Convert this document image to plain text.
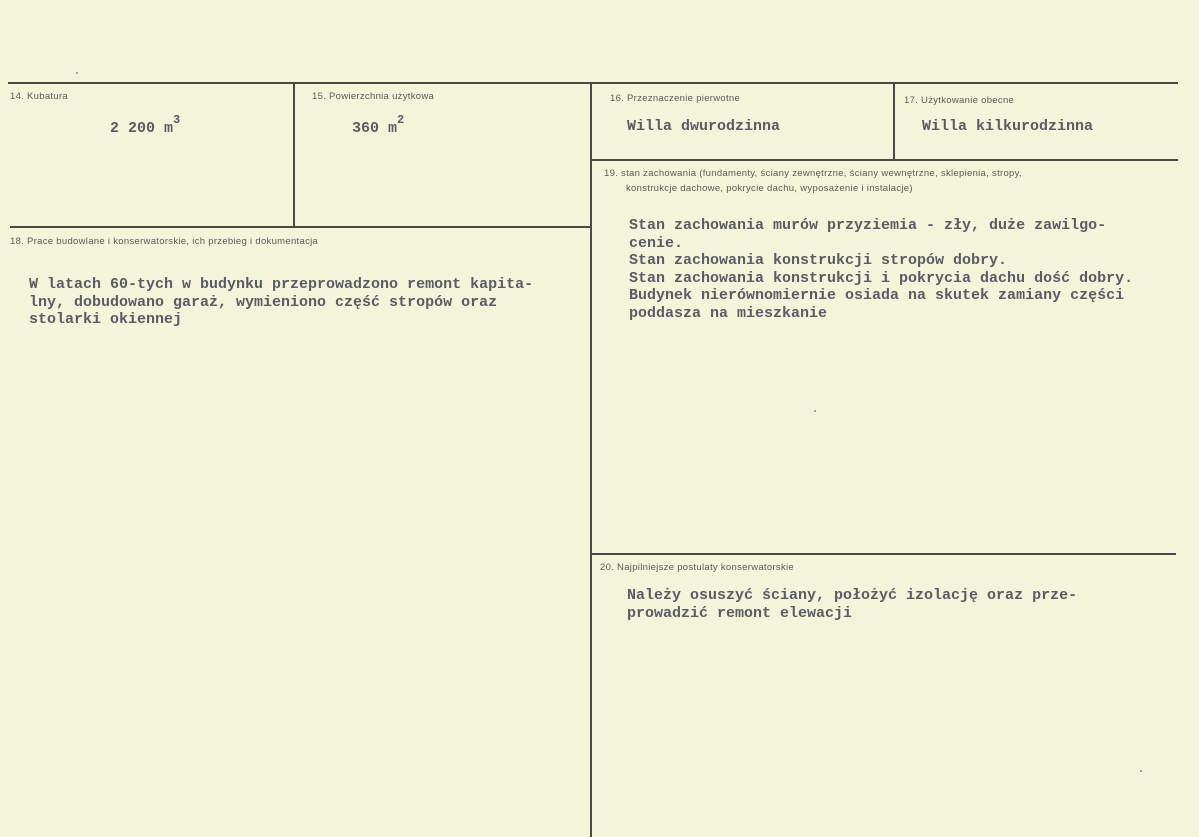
14. Kubatura
2 200 $m^3$
15. Powierzchnia użytkowa
360 $m^2$
16. Przeznaczenie pierwotne
Willa dwurodzinna
17. Użytkowanie obecne
Willa kilkurodzinna
19. stan zachowania (fundamenty, ściany zewnętrzne, ściany wewnętrzne, sklepienia, stropy,
konstrukcje dachowe, pokrycie dachu, wyposażenie i instalacje)
Stan zachowania murów przyziemia - zły, duże zawilgo-
cenie.
Stan zachowania konstrukcji stropów dobry.
Stan zachowania konstrukcji i pokrycia dachu dość dobry.
Budynek nierównomiernie osiada na skutek zamiany części
poddasza na mieszkanie
18. Prace budowlane i konserwatorskie, ich przebieg i dokumentacja
W latach 60-tych w budynku przeprowadzono remont kapita-
lny, dobudowano garaż, wymieniono część stropów oraz
stolarki okiennej
20. Najpilniejsze postulaty konserwatorskie
Należy osuszyć ściany, położyć izolację oraz prze-
prowadzić remont elewacji
